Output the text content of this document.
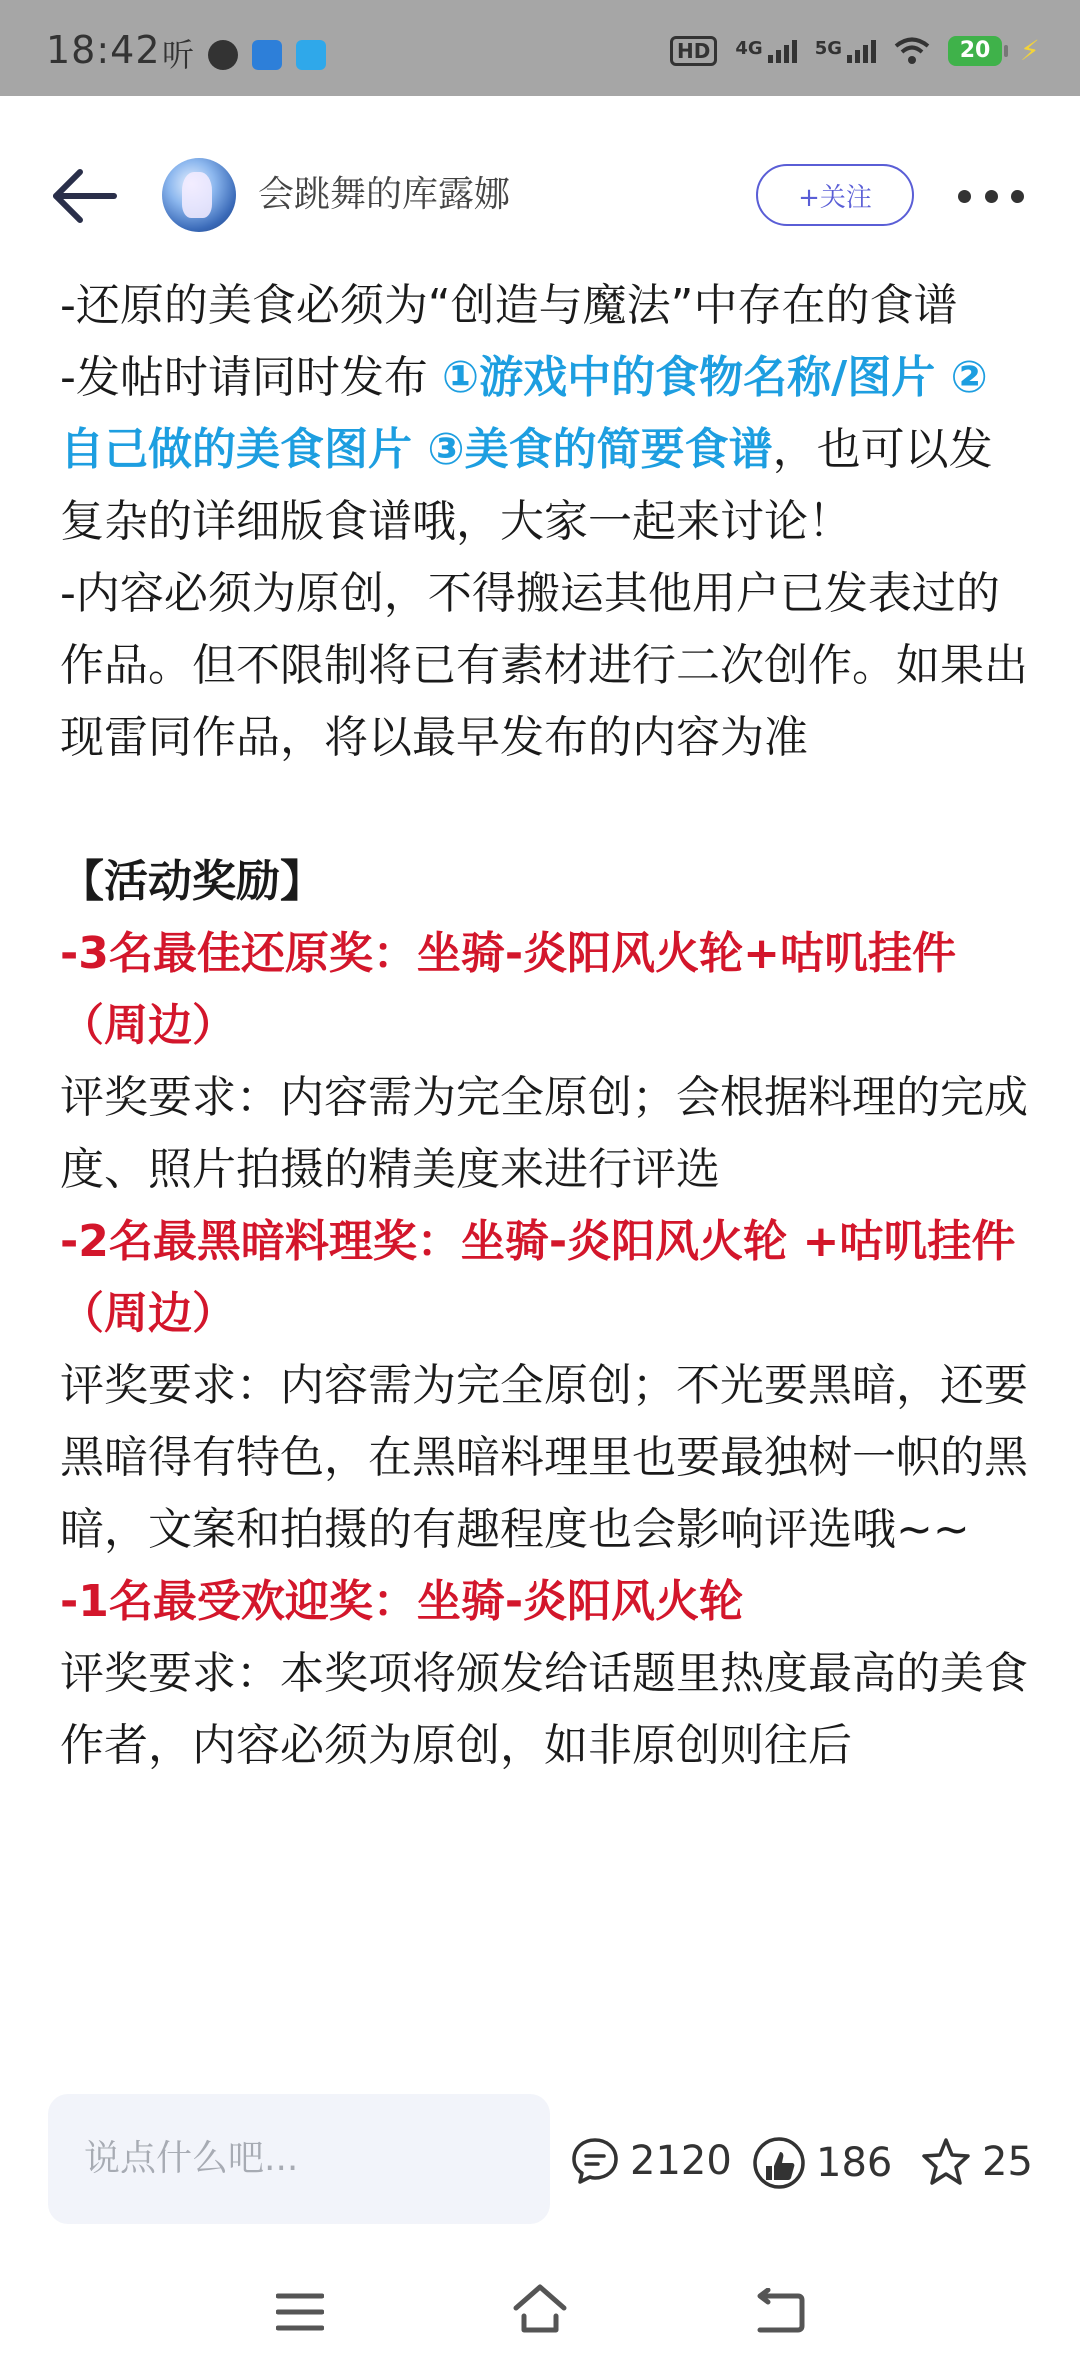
18:42 听	HD	4G	5G	20	⚡
会跳舞的库露娜	+关注

-还原的美食必须为“创造与魔法”中存在的食谱

-发帖时请同时发布 ①游戏中的食物名称/图片 ②自己做的美食图片 ③美食的简要食谱，也可以发复杂的详细版食谱哦，大家一起来讨论！

-内容必须为原创，不得搬运其他用户已发表过的作品。但不限制将已有素材进行二次创作。如果出现雷同作品，将以最早发布的内容为准

【活动奖励】

-3名最佳还原奖：坐骑-炎阳风火轮+咕叽挂件（周边）

评奖要求：内容需为完全原创；会根据料理的完成度、照片拍摄的精美度来进行评选

-2名最黑暗料理奖：坐骑-炎阳风火轮 +咕叽挂件（周边）

评奖要求：内容需为完全原创；不光要黑暗，还要黑暗得有特色，在黑暗料理里也要最独树一帜的黑暗，文案和拍摄的有趣程度也会影响评选哦~~

-1名最受欢迎奖：坐骑-炎阳风火轮

评奖要求：本奖项将颁发给话题里热度最高的美食作者，内容必须为原创，如非原创则往后

说点什么吧...	2120 186 25
